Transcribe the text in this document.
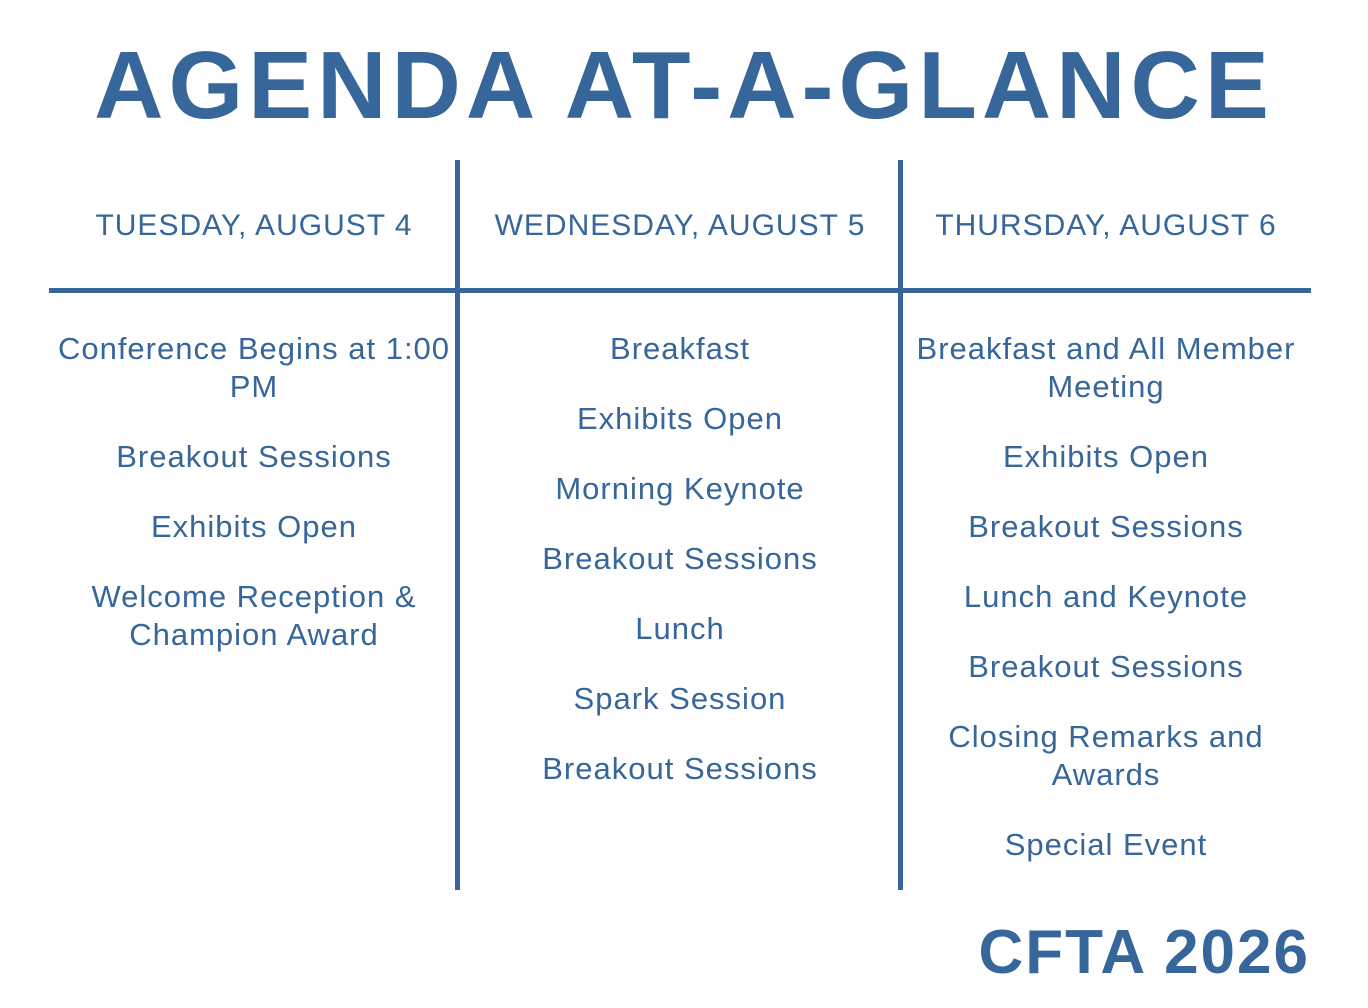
AGENDA AT-A-GLANCE
TUESDAY, AUGUST 4	WEDNESDAY, AUGUST 5	THURSDAY, AUGUST 6
Conference Begins at 1:00 PM
Breakout Sessions
Exhibits Open
Welcome Reception & Champion Award
Breakfast
Exhibits Open
Morning Keynote
Breakout Sessions
Lunch
Spark Session
Breakout Sessions
Breakfast and All Member Meeting
Exhibits Open
Breakout Sessions
Lunch and Keynote
Breakout Sessions
Closing Remarks and Awards
Special Event
CFTA 2026
